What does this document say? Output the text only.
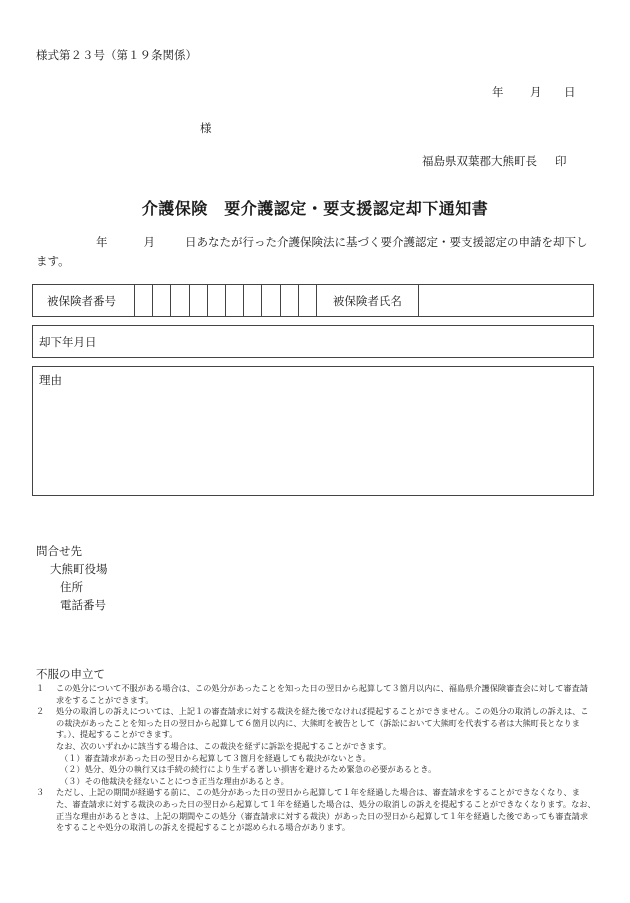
様式第２３号（第１９条関係）
年 月 日
様
福島県双葉郡大熊町長 印
介護保険　要介護認定・要支援認定却下通知書
年	月	日あなたが行った介護保険法に基づく要介護認定・要支援認定の申請を却下します。
被保険者番号	被保険者氏名
却下年月日
理由
問合せ先
大熊町役場
住所
電話番号
不服の申立て
１	この処分について不服がある場合は、この処分があったことを知った日の翌日から起算して３箇月以内に、福島県介護保険審査会に対して審査請求をすることができます。
２	処分の取消しの訴えについては、上記１の審査請求に対する裁決を経た後でなければ提起することができません。この処分の取消しの訴えは、この裁決があったことを知った日の翌日から起算して６箇月以内に、大熊町を被告として（訴訟において大熊町を代表する者は大熊町長となります。）、提起することができます。
なお、次のいずれかに該当する場合は、この裁決を経ずに訴訟を提起することができます。
（１）審査請求があった日の翌日から起算して３箇月を経過しても裁決がないとき。
（２）処分、処分の執行又は手続の続行により生ずる著しい損害を避けるため緊急の必要があるとき。
（３）その他裁決を経ないことにつき正当な理由があるとき。
３	ただし、上記の期間が経過する前に、この処分があった日の翌日から起算して１年を経過した場合は、審査請求をすることができなくなり、また、審査請求に対する裁決のあった日の翌日から起算して１年を経過した場合は、処分の取消しの訴えを提起することができなくなります。なお、正当な理由があるときは、上記の期間やこの処分（審査請求に対する裁決）があった日の翌日から起算して１年を経過した後であっても審査請求をすることや処分の取消しの訴えを提起することが認められる場合があります。
